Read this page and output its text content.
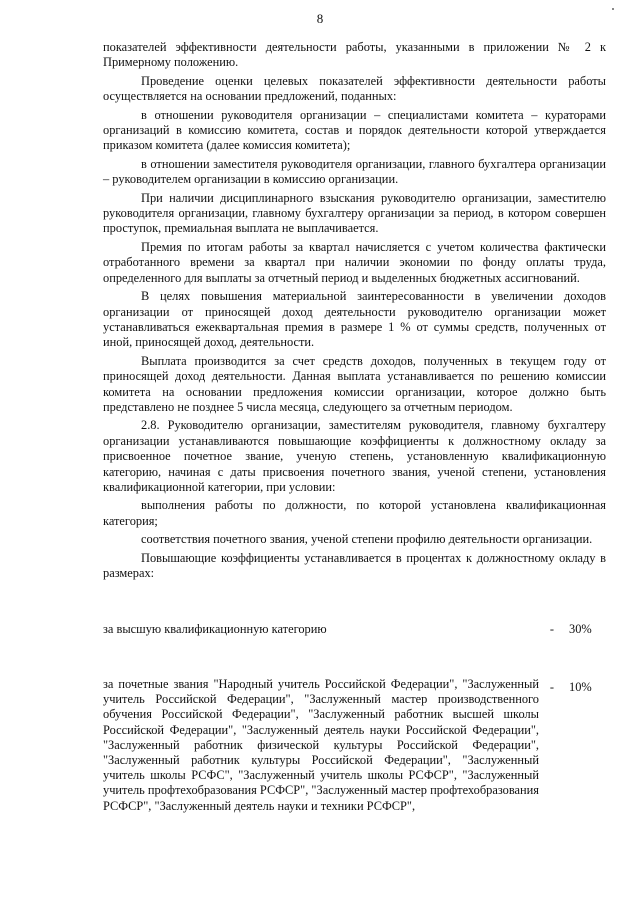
8

показателей эффективности деятельности работы, указанными в приложении № 2 к Примерному положению.

Проведение оценки целевых показателей эффективности деятельности работы осуществляется на основании предложений, поданных:

в отношении руководителя организации – специалистами комитета – кураторами организаций в комиссию комитета, состав и порядок деятельности которой утверждается приказом комитета (далее комиссия комитета);

в отношении заместителя руководителя организации, главного бухгалтера организации – руководителем организации в комиссию организации.

При наличии дисциплинарного взыскания руководителю организации, заместителю руководителя организации, главному бухгалтеру организации за период, в котором совершен проступок, премиальная выплата не выплачивается.

Премия по итогам работы за квартал начисляется с учетом количества фактически отработанного времени за квартал при наличии экономии по фонду оплаты труда, определенного для выплаты за отчетный период и выделенных бюджетных ассигнований.

В целях повышения материальной заинтересованности в увеличении доходов организации от приносящей доход деятельности руководителю организации может устанавливаться ежеквартальная премия в размере 1 % от суммы средств, полученных от иной, приносящей доход, деятельности.

Выплата производится за счет средств доходов, полученных в текущем году от приносящей доход деятельности. Данная выплата устанавливается по решению комиссии комитета на основании предложения комиссии организации, которое должно быть представлено не позднее 5 числа месяца, следующего за отчетным периодом.

2.8. Руководителю организации, заместителям руководителя, главному бухгалтеру организации устанавливаются повышающие коэффициенты к должностному окладу за присвоенное почетное звание, ученую степень, установленную квалификационную категорию, начиная с даты присвоения почетного звания, ученой степени, установления квалификационной категории, при условии:

выполнения работы по должности, по которой установлена квалификационная категория;

соответствия почетного звания, ученой степени профилю деятельности организации.

Повышающие коэффициенты устанавливается в процентах к должностному окладу в размерах:

за высшую квалификационную категорию	- 30%
за почетные звания "Народный учитель Российской Федерации", "Заслуженный учитель Российской Федерации", "Заслуженный мастер производственного обучения Российской Федерации", "Заслуженный работник высшей школы Российской Федерации", "Заслуженный деятель науки Российской Федерации", "Заслуженный работник физической культуры Российской Федерации", "Заслуженный работник культуры Российской Федерации", "Заслуженный учитель школы РСФС", "Заслуженный учитель школы РСФСР", "Заслуженный учитель профтехобразования РСФСР", "Заслуженный мастер профтехобразования РСФСР", "Заслуженный деятель науки и техники РСФСР",
- 10%
